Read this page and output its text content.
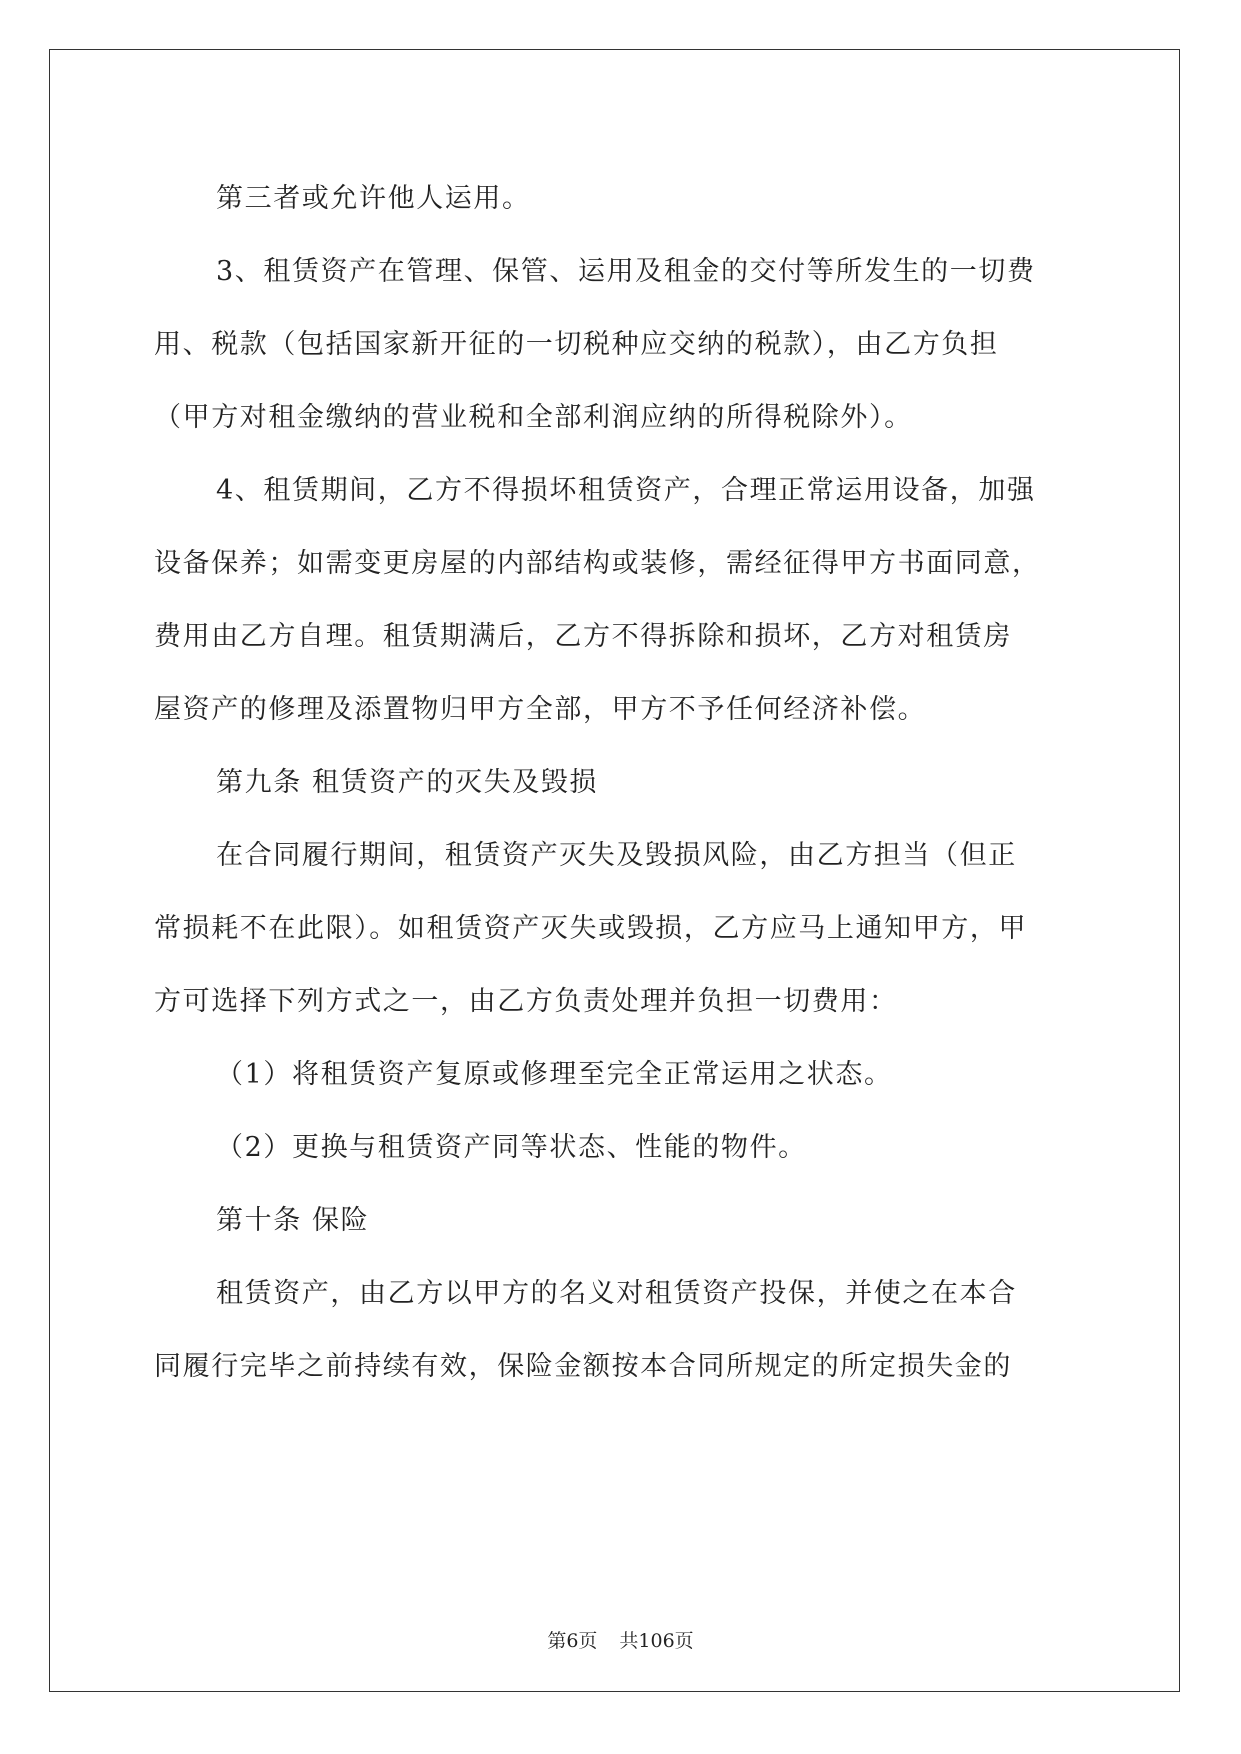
第三者或允许他人运用。

3、租赁资产在管理、保管、运用及租金的交付等所发生的一切费

用、税款（包括国家新开征的一切税种应交纳的税款），由乙方负担

（甲方对租金缴纳的营业税和全部利润应纳的所得税除外）。

4、租赁期间，乙方不得损坏租赁资产，合理正常运用设备，加强

设备保养；如需变更房屋的内部结构或装修，需经征得甲方书面同意，

费用由乙方自理。租赁期满后，乙方不得拆除和损坏，乙方对租赁房

屋资产的修理及添置物归甲方全部，甲方不予任何经济补偿。

第九条 租赁资产的灭失及毁损

在合同履行期间，租赁资产灭失及毁损风险，由乙方担当（但正

常损耗不在此限）。如租赁资产灭失或毁损，乙方应马上通知甲方，甲

方可选择下列方式之一，由乙方负责处理并负担一切费用：

（1）将租赁资产复原或修理至完全正常运用之状态。

（2）更换与租赁资产同等状态、性能的物件。

第十条 保险

租赁资产，由乙方以甲方的名义对租赁资产投保，并使之在本合

同履行完毕之前持续有效，保险金额按本合同所规定的所定损失金的

第6页 共106页
